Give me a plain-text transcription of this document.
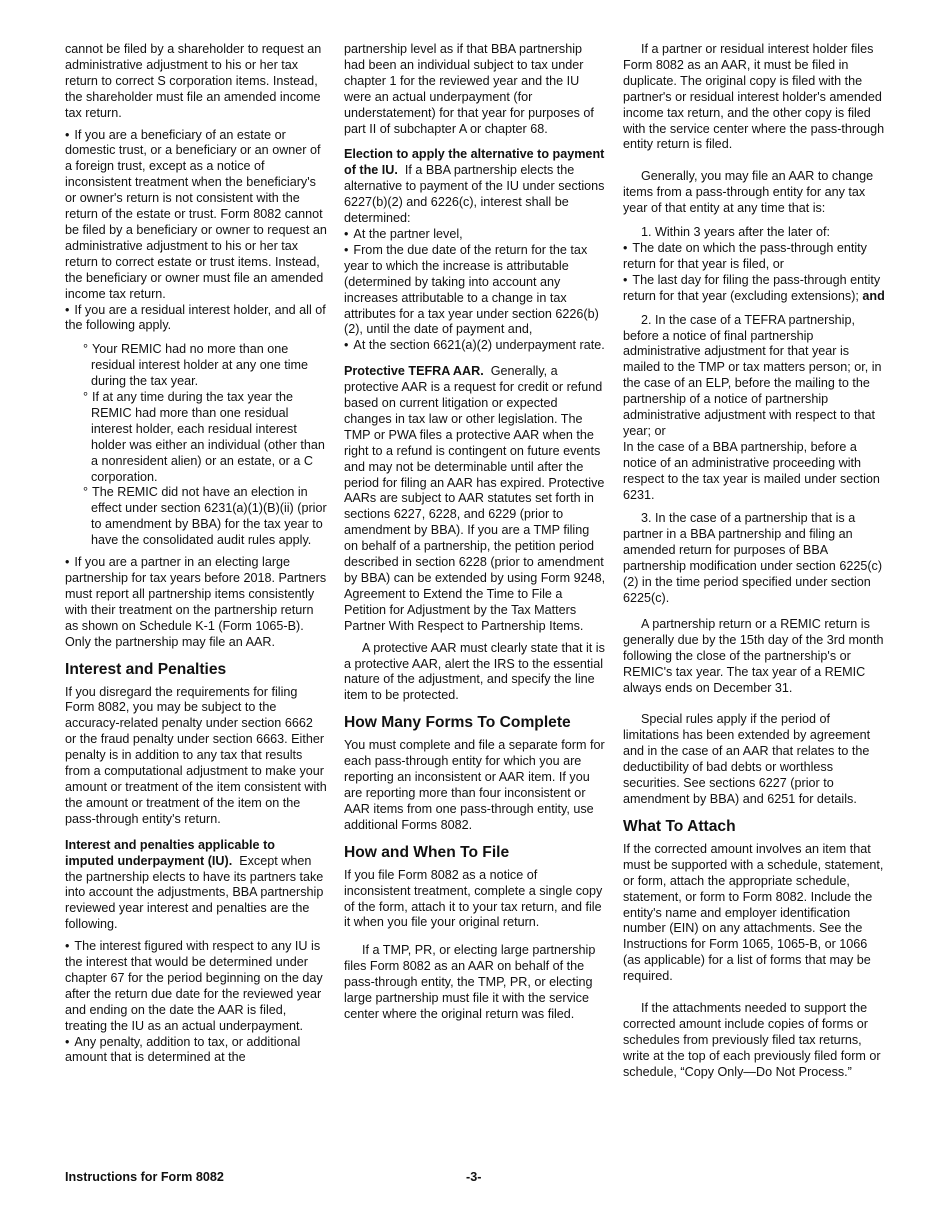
cannot be filed by a shareholder to request an administrative adjustment to his or her tax return to correct S corporation items. Instead, the shareholder must file an amended income tax return.

• If you are a beneficiary of an estate or domestic trust, or a beneficiary or an owner of a foreign trust, except as a notice of inconsistent treatment when the beneficiary's or owner's return is not consistent with the return of the estate or trust. Form 8082 cannot be filed by a beneficiary or owner to request an administrative adjustment to his or her tax return to correct estate or trust items. Instead, the beneficiary or owner must file an amended income tax return.
• If you are a residual interest holder, and all of the following apply.
° Your REMIC had no more than one residual interest holder at any one time during the tax year.
° If at any time during the tax year the REMIC had more than one residual interest holder, each residual interest holder was either an individual (other than a nonresident alien) or an estate, or a C corporation.
° The REMIC did not have an election in effect under section 6231(a)(1)(B)(ii) (prior to amendment by BBA) for the tax year to have the consolidated audit rules apply.
• If you are a partner in an electing large partnership for tax years before 2018. Partners must report all partnership items consistently with their treatment on the partnership return as shown on Schedule K-1 (Form 1065-B). Only the partnership may file an AAR.
Interest and Penalties

If you disregard the requirements for filing Form 8082, you may be subject to the accuracy-related penalty under section 6662 or the fraud penalty under section 6663. Either penalty is in addition to any tax that results from a computational adjustment to make your amount or treatment of the item consistent with the amount or treatment of the item on the pass-through entity's return.

Interest and penalties applicable to imputed underpayment (IU). Except when the partnership elects to have its partners take into account the adjustments, BBA partnership reviewed year interest and penalties are the following.

• The interest figured with respect to any IU is the interest that would be determined under chapter 67 for the period beginning on the day after the return due date for the reviewed year and ending on the date the AAR is filed, treating the IU as an actual underpayment.
• Any penalty, addition to tax, or additional amount that is determined at the

partnership level as if that BBA partnership had been an individual subject to tax under chapter 1 for the reviewed year and the IU were an actual underpayment (for understatement) for that year for purposes of part II of subchapter A or chapter 68.

Election to apply the alternative to payment of the IU. If a BBA partnership elects the alternative to payment of the IU under sections 6227(b)(2) and 6226(c), interest shall be determined:

• At the partner level,
• From the due date of the return for the tax year to which the increase is attributable (determined by taking into account any increases attributable to a change in tax attributes for a tax year under section 6226(b)(2), until the date of payment and,
• At the section 6621(a)(2) underpayment rate.

Protective TEFRA AAR. Generally, a protective AAR is a request for credit or refund based on current litigation or expected changes in tax law or other legislation. The TMP or PWA files a protective AAR when the right to a refund is contingent on future events and may not be determinable until after the period for filing an AAR has expired. Protective AARs are subject to AAR statutes set forth in sections 6227, 6228, and 6229 (prior to amendment by BBA). If you are a TMP filing on behalf of a partnership, the petition period described in section 6228 (prior to amendment by BBA) can be extended by using Form 9248, Agreement to Extend the Time to File a Petition for Adjustment by the Tax Matters Partner With Respect to Partnership Items.

A protective AAR must clearly state that it is a protective AAR, alert the IRS to the essential nature of the adjustment, and specify the line item to be protected.

How Many Forms To Complete

You must complete and file a separate form for each pass-through entity for which you are reporting an inconsistent or AAR item. If you are reporting more than four inconsistent or AAR items from one pass-through entity, use additional Forms 8082.

How and When To File

If you file Form 8082 as a notice of inconsistent treatment, complete a single copy of the form, attach it to your tax return, and file it when you file your original return.

If a TMP, PR, or electing large partnership files Form 8082 as an AAR on behalf of the pass-through entity, the TMP, PR, or electing large partnership must file it with the service center where the original return was filed.

If a partner or residual interest holder files Form 8082 as an AAR, it must be filed in duplicate. The original copy is filed with the partner's or residual interest holder's amended income tax return, and the other copy is filed with the service center where the pass-through entity return is filed.

Generally, you may file an AAR to change items from a pass-through entity for any tax year of that entity at any time that is:

1. Within 3 years after the later of:
• The date on which the pass-through entity return for that year is filed, or
• The last day for filing the pass-through entity return for that year (excluding extensions); and
2. In the case of a TEFRA partnership, before a notice of final partnership administrative adjustment for that year is mailed to the TMP or tax matters person; or, in the case of an ELP, before the mailing to the partnership of a notice of partnership administrative adjustment with respect to that year; or

In the case of a BBA partnership, before a notice of an administrative proceeding with respect to the tax year is mailed under section 6231.

3. In the case of a partnership that is a partner in a BBA partnership and filing an amended return for purposes of BBA partnership modification under section 6225(c)(2) in the time period specified under section 6225(c).

A partnership return or a REMIC return is generally due by the 15th day of the 3rd month following the close of the partnership's or REMIC's tax year. The tax year of a REMIC always ends on December 31.

Special rules apply if the period of limitations has been extended by agreement and in the case of an AAR that relates to the deductibility of bad debts or worthless securities. See sections 6227 (prior to amendment by BBA) and 6251 for details.

What To Attach

If the corrected amount involves an item that must be supported with a schedule, statement, or form, attach the appropriate schedule, statement, or form to Form 8082. Include the entity's name and employer identification number (EIN) on any attachments. See the Instructions for Form 1065, 1065-B, or 1066 (as applicable) for a list of forms that may be required.

If the attachments needed to support the corrected amount include copies of forms or schedules from previously filed tax returns, write at the top of each previously filed form or schedule, “Copy Only—Do Not Process.”

Instructions for Form 8082	-3-
